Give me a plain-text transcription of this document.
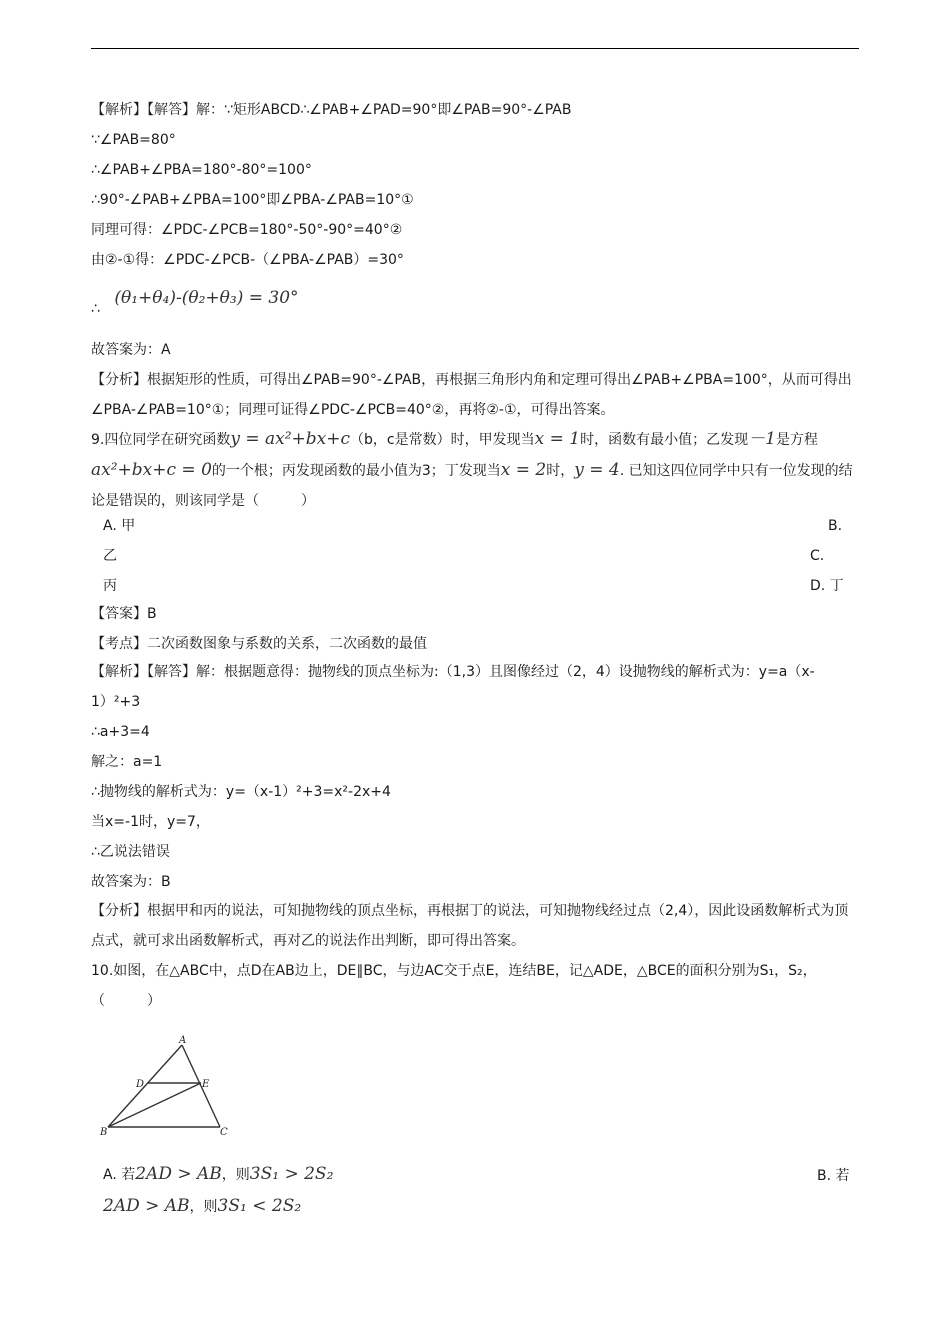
【解析】【解答】解：∵矩形ABCD∴∠PAB+∠PAD=90°即∠PAB=90°-∠PAB
∵∠PAB=80°
∴∠PAB+∠PBA=180°-80°=100°
∴90°-∠PAB+∠PBA=100°即∠PBA-∠PAB=10°①
同理可得：∠PDC-∠PCB=180°-50°-90°=40°②
由②-①得：∠PDC-∠PCB-（∠PBA-∠PAB）=30°
∴ (θ₁+θ₄)-(θ₂+θ₃) = 30°
故答案为：A
【分析】根据矩形的性质，可得出∠PAB=90°-∠PAB，再根据三角形内角和定理可得出∠PAB+∠PBA=100°，从而可得出∠PBA-∠PAB=10°①；同理可证得∠PDC-∠PCB=40°②，再将②-①，可得出答案。
9.四位同学在研究函数y = ax²+bx+c（b，c是常数）时，甲发现当x = 1时，函数有最小值；乙发现－1是方程ax²+bx+c = 0的一个根；丙发现函数的最小值为3；丁发现当x = 2时，y = 4. 已知这四位同学中只有一位发现的结论是错误的，则该同学是（　　　）
A. 甲	B.
乙	C.
丙	D. 丁
【答案】B
【考点】二次函数图象与系数的关系，二次函数的最值
【解析】【解答】解：根据题意得：抛物线的顶点坐标为:（1,3）且图像经过（2，4）设抛物线的解析式为：y=a（x-
1）²+3
∴a+3=4
解之：a=1
∴抛物线的解析式为：y=（x-1）²+3=x²-2x+4
当x=-1时，y=7，
∴乙说法错误
故答案为：B
【分析】根据甲和丙的说法，可知抛物线的顶点坐标，再根据丁的说法，可知抛物线经过点（2,4），因此设函数解析式为顶点式，就可求出函数解析式，再对乙的说法作出判断，即可得出答案。
10.如图，在△ABC中，点D在AB边上，DE∥BC，与边AC交于点E，连结BE，记△ADE，△BCE的面积分别为S₁，S₂，（　　　）
A
D	E
B	C
A. 若2AD > AB，则3S₁ > 2S₂	B. 若
2AD > AB，则3S₁ < 2S₂
